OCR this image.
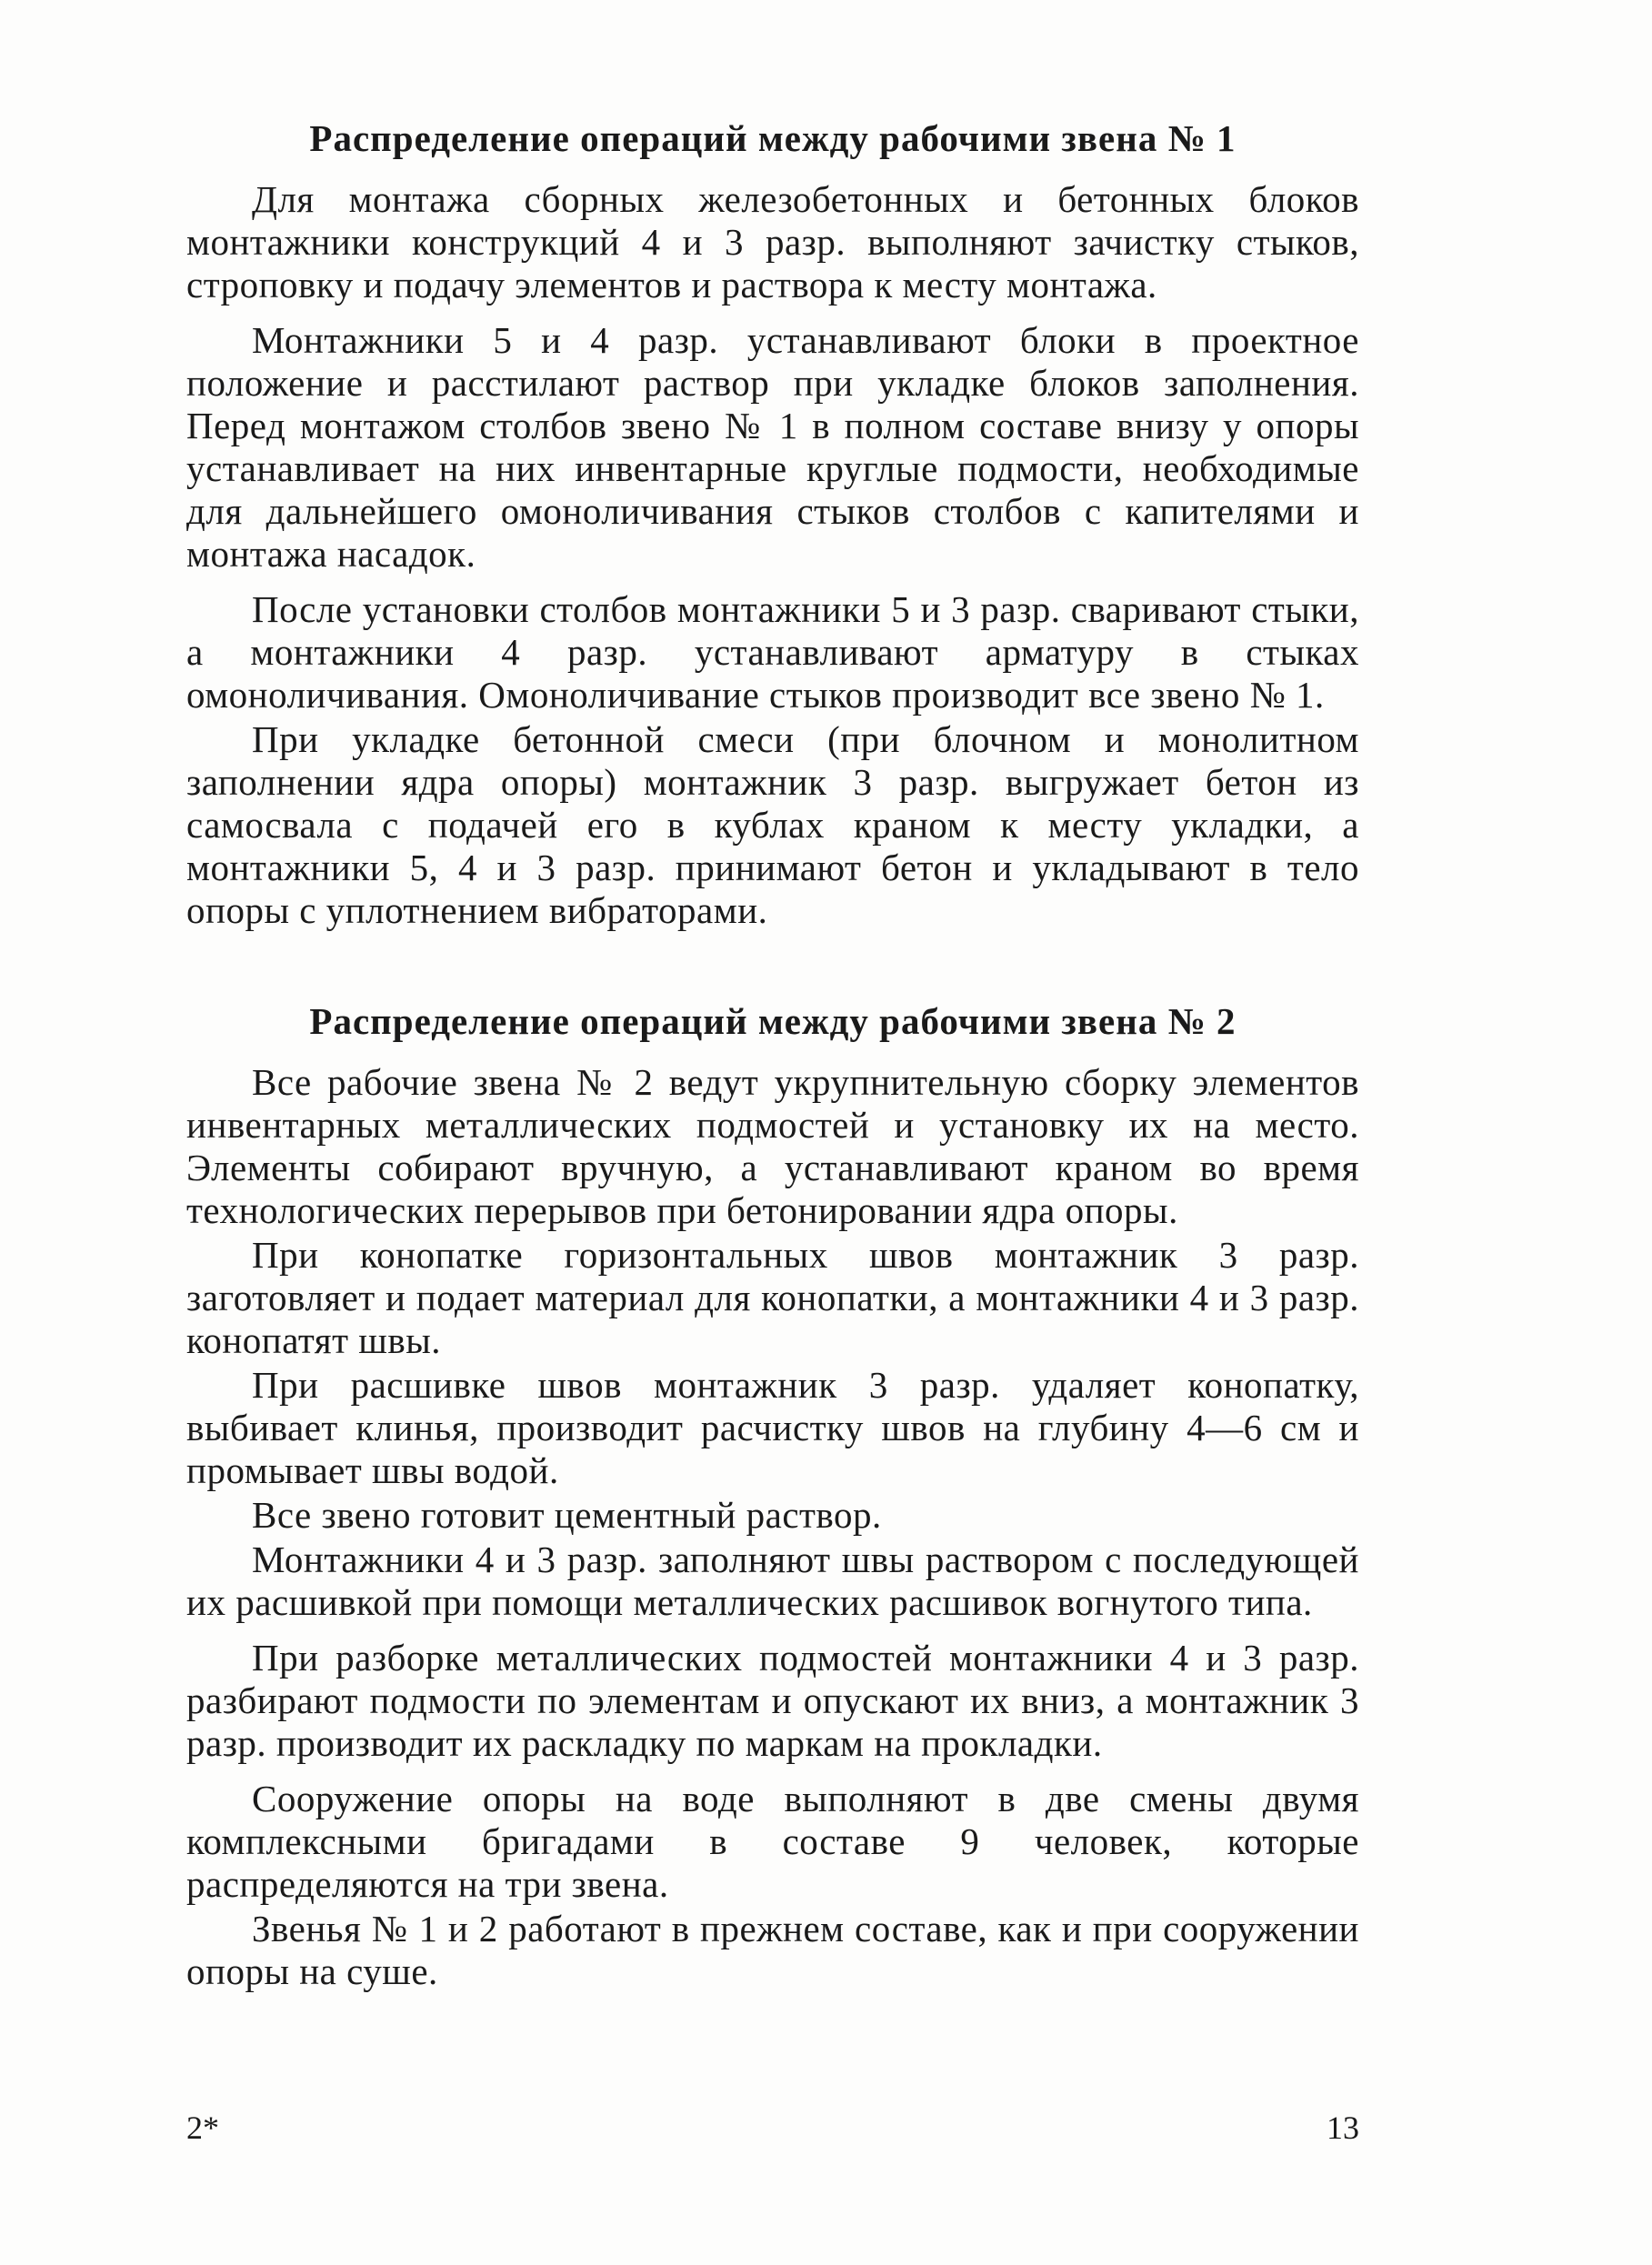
Распределение операций между рабочими звена № 1

Для монтажа сборных железобетонных и бетонных блоков монтажники конструкций 4 и 3 разр. выполняют зачистку стыков, строповку и подачу элементов и раствора к месту монтажа.

Монтажники 5 и 4 разр. устанавливают блоки в проектное положение и расстилают раствор при укладке блоков заполнения. Перед монтажом столбов звено № 1 в полном составе внизу у опоры устанавливает на них инвентарные круглые подмости, необходимые для дальнейшего омоноличивания стыков столбов с капителями и монтажа насадок.

После установки столбов монтажники 5 и 3 разр. сваривают стыки, а монтажники 4 разр. устанавливают арматуру в стыках омоноличивания. Омоноличивание стыков производит все звено № 1.

При укладке бетонной смеси (при блочном и монолитном заполнении ядра опоры) монтажник 3 разр. выгружает бетон из самосвала с подачей его в кублах краном к месту укладки, а монтажники 5, 4 и 3 разр. принимают бетон и укладывают в тело опоры с уплотнением вибраторами.

Распределение операций между рабочими звена № 2

Все рабочие звена № 2 ведут укрупнительную сборку элементов инвентарных металлических подмостей и установку их на место. Элементы собирают вручную, а устанавливают краном во время технологических перерывов при бетонировании ядра опоры.

При конопатке горизонтальных швов монтажник 3 разр. заготовляет и подает материал для конопатки, а монтажники 4 и 3 разр. конопатят швы.

При расшивке швов монтажник 3 разр. удаляет конопатку, выбивает клинья, производит расчистку швов на глубину 4—6 см и промывает швы водой.

Все звено готовит цементный раствор.

Монтажники 4 и 3 разр. заполняют швы раствором с последующей их расшивкой при помощи металлических расшивок вогнутого типа.

При разборке металлических подмостей монтажники 4 и 3 разр. разбирают подмости по элементам и опускают их вниз, а монтажник 3 разр. производит их раскладку по маркам на прокладки.

Сооружение опоры на воде выполняют в две смены двумя комплексными бригадами в составе 9 человек, которые распределяются на три звена.

Звенья № 1 и 2 работают в прежнем составе, как и при сооружении опоры на суше.

2*	13
